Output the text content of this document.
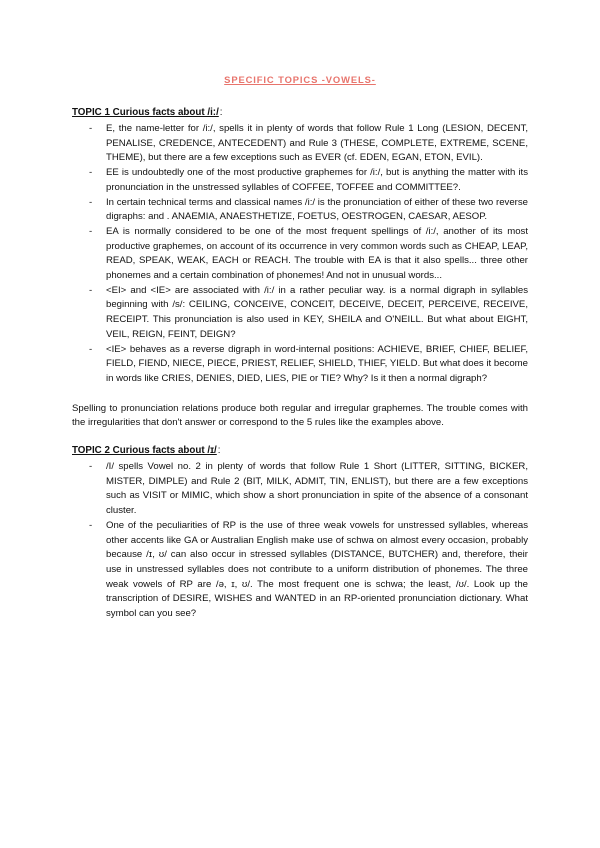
SPECIFIC TOPICS -VOWELS-
TOPIC 1 Curious facts about /i:/:
- E, the name-letter for /i:/, spells it in plenty of words that follow Rule 1 Long (LESION, DECENT, PENALISE, CREDENCE, ANTECEDENT) and Rule 3 (THESE, COMPLETE, EXTREME, SCENE, THEME), but there are a few exceptions such as EVER (cf. EDEN, EGAN, ETON, EVIL).
- EE is undoubtedly one of the most productive graphemes for /i:/, but is anything the matter with its pronunciation in the unstressed syllables of COFFEE, TOFFEE and COMMITTEE?.
- In certain technical terms and classical names /i:/ is the pronunciation of either of these two reverse digraphs: and . ANAEMIA, ANAESTHETIZE, FOETUS, OESTROGEN, CAESAR, AESOP.
- EA is normally considered to be one of the most frequent spellings of /i:/, another of its most productive graphemes, on account of its occurrence in very common words such as CHEAP, LEAP, READ, SPEAK, WEAK, EACH or REACH. The trouble with EA is that it also spells... three other phonemes and a certain combination of phonemes! And not in unusual words...
- <EI> and <IE> are associated with /i:/ in a rather peculiar way. is a normal digraph in syllables beginning with /s/: CEILING, CONCEIVE, CONCEIT, DECEIVE, DECEIT, PERCEIVE, RECEIVE, RECEIPT. This pronunciation is also used in KEY, SHEILA and O'NEILL. But what about EIGHT, VEIL, REIGN, FEINT, DEIGN?
- <IE> behaves as a reverse digraph in word-internal positions: ACHIEVE, BRIEF, CHIEF, BELIEF, FIELD, FIEND, NIECE, PIECE, PRIEST, RELIEF, SHIELD, THIEF, YIELD. But what does it become in words like CRIES, DENIES, DIED, LIES, PIE or TIE? Why? Is it then a normal digraph?

Spelling to pronunciation relations produce both regular and irregular graphemes. The trouble comes with the irregularities that don't answer or correspond to the 5 rules like the examples above.

TOPIC 2 Curious facts about /ɪ/:
- /I/ spells Vowel no. 2 in plenty of words that follow Rule 1 Short (LITTER, SITTING, BICKER, MISTER, DIMPLE) and Rule 2 (BIT, MILK, ADMIT, TIN, ENLIST), but there are a few exceptions such as VISIT or MIMIC, which show a short pronunciation in spite of the absence of a consonant cluster.
- One of the peculiarities of RP is the use of three weak vowels for unstressed syllables, whereas other accents like GA or Australian English make use of schwa on almost every occasion, probably because /ɪ, ʊ/ can also occur in stressed syllables (DISTANCE, BUTCHER) and, therefore, their use in unstressed syllables does not contribute to a uniform distribution of phonemes. The three weak vowels of RP are /ə, ɪ, ʊ/. The most frequent one is schwa; the least, /ʊ/. Look up the transcription of DESIRE, WISHES and WANTED in an RP-oriented pronunciation dictionary. What symbol can you see?
